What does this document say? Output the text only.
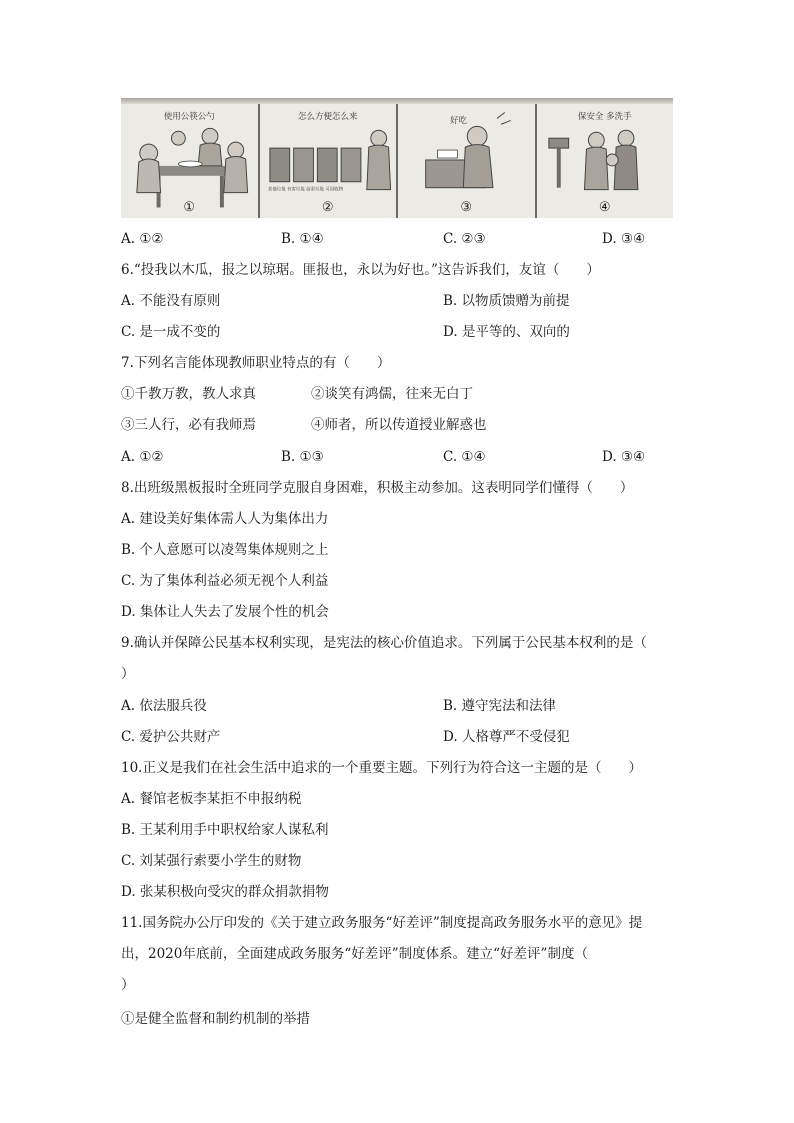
使用公筷公勺
①
其他垃圾 有害垃圾 厨余垃圾 可回收物
怎么方便怎么来
②
好吃
③
保安全 多洗手
④
A. ①②	B. ①④	C. ②③	D. ③④
6.“投我以木瓜，报之以琼琚。匪报也，永以为好也。”这告诉我们，友谊（　　）
A. 不能没有原则	B. 以物质馈赠为前提
C. 是一成不变的	D. 是平等的、双向的
7.下列名言能体现教师职业特点的有（　　）
①千教万教，教人求真	②谈笑有鸿儒，往来无白丁
③三人行，必有我师焉	④师者，所以传道授业解惑也
A. ①②	B. ①③	C. ①④	D. ③④
8.出班级黑板报时全班同学克服自身困难，积极主动参加。这表明同学们懂得（　　）
A. 建设美好集体需人人为集体出力
B. 个人意愿可以凌驾集体规则之上
C. 为了集体利益必须无视个人利益
D. 集体让人失去了发展个性的机会
9.确认并保障公民基本权利实现，是宪法的核心价值追求。下列属于公民基本权利的是（
）
A. 依法服兵役	B. 遵守宪法和法律
C. 爱护公共财产	D. 人格尊严不受侵犯
10.正义是我们在社会生活中追求的一个重要主题。下列行为符合这一主题的是（　　）
A. 餐馆老板李某拒不申报纳税
B. 王某利用手中职权给家人谋私利
C. 刘某强行索要小学生的财物
D. 张某积极向受灾的群众捐款捐物
11.国务院办公厅印发的《关于建立政务服务“好差评”制度提高政务服务水平的意见》提
出，2020年底前，全面建成政务服务“好差评”制度体系。建立“好差评”制度（
）
①是健全监督和制约机制的举措
